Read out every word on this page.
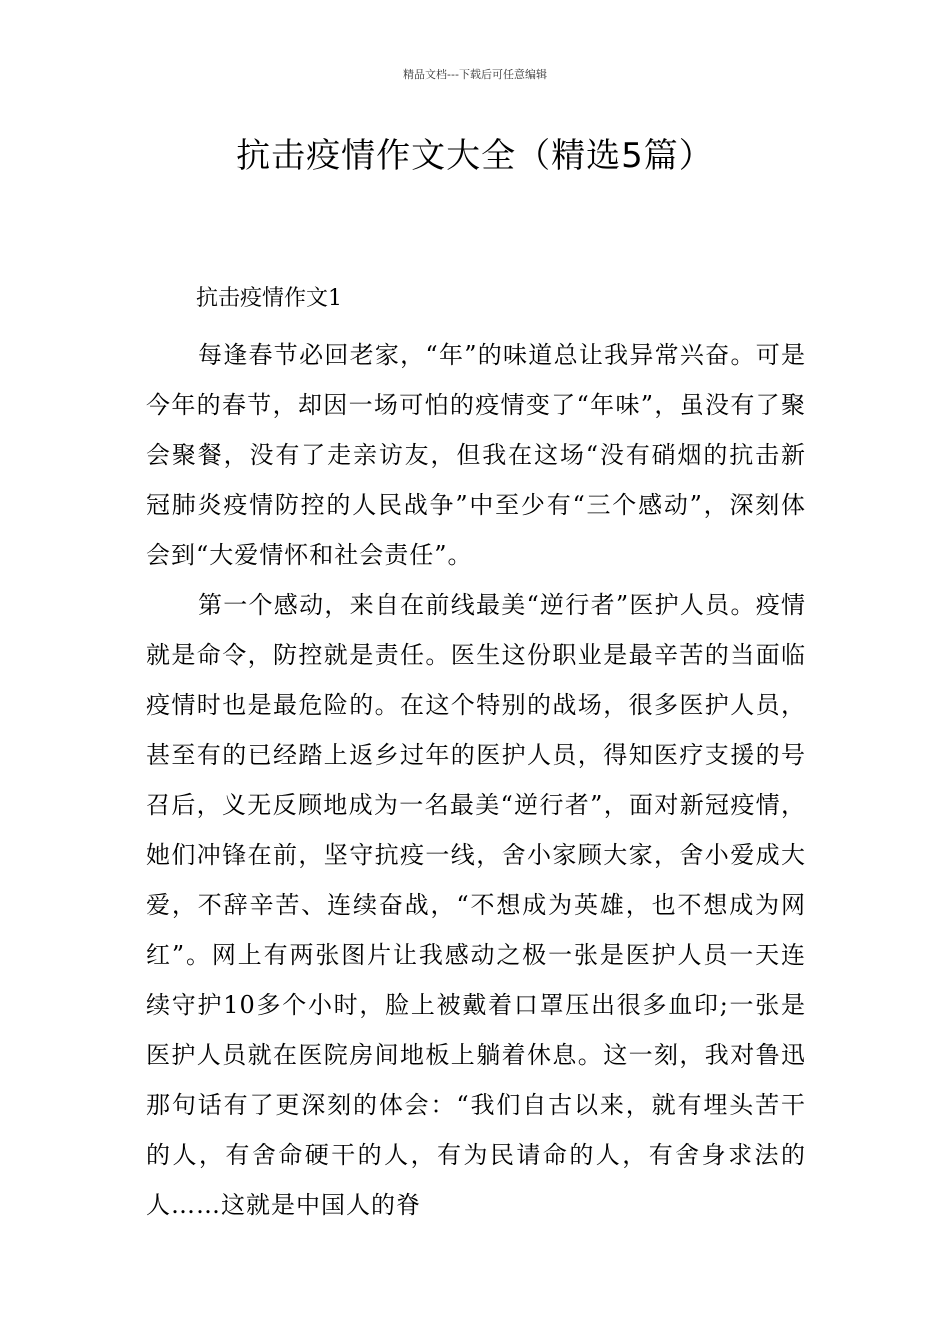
精品文档---下载后可任意编辑
抗击疫情作文大全（精选5篇）
抗击疫情作文1

每逢春节必回老家，“年”的味道总让我异常兴奋。可是今年的春节，却因一场可怕的疫情变了“年味”，虽没有了聚会聚餐，没有了走亲访友，但我在这场“没有硝烟的抗击新冠肺炎疫情防控的人民战争”中至少有“三个感动”，深刻体会到“大爱情怀和社会责任”。

第一个感动，来自在前线最美“逆行者”医护人员。疫情就是命令，防控就是责任。医生这份职业是最辛苦的当面临疫情时也是最危险的。在这个特别的战场，很多医护人员，甚至有的已经踏上返乡过年的医护人员，得知医疗支援的号召后，义无反顾地成为一名最美“逆行者”，面对新冠疫情，她们冲锋在前，坚守抗疫一线，舍小家顾大家，舍小爱成大爱，不辞辛苦、连续奋战，“不想成为英雄，也不想成为网红”。网上有两张图片让我感动之极一张是医护人员一天连续守护10多个小时，脸上被戴着口罩压出很多血印;一张是医护人员就在医院房间地板上躺着休息。这一刻，我对鲁迅那句话有了更深刻的体会：“我们自古以来，就有埋头苦干的人，有舍命硬干的人，有为民请命的人，有舍身求法的人……这就是中国人的脊
